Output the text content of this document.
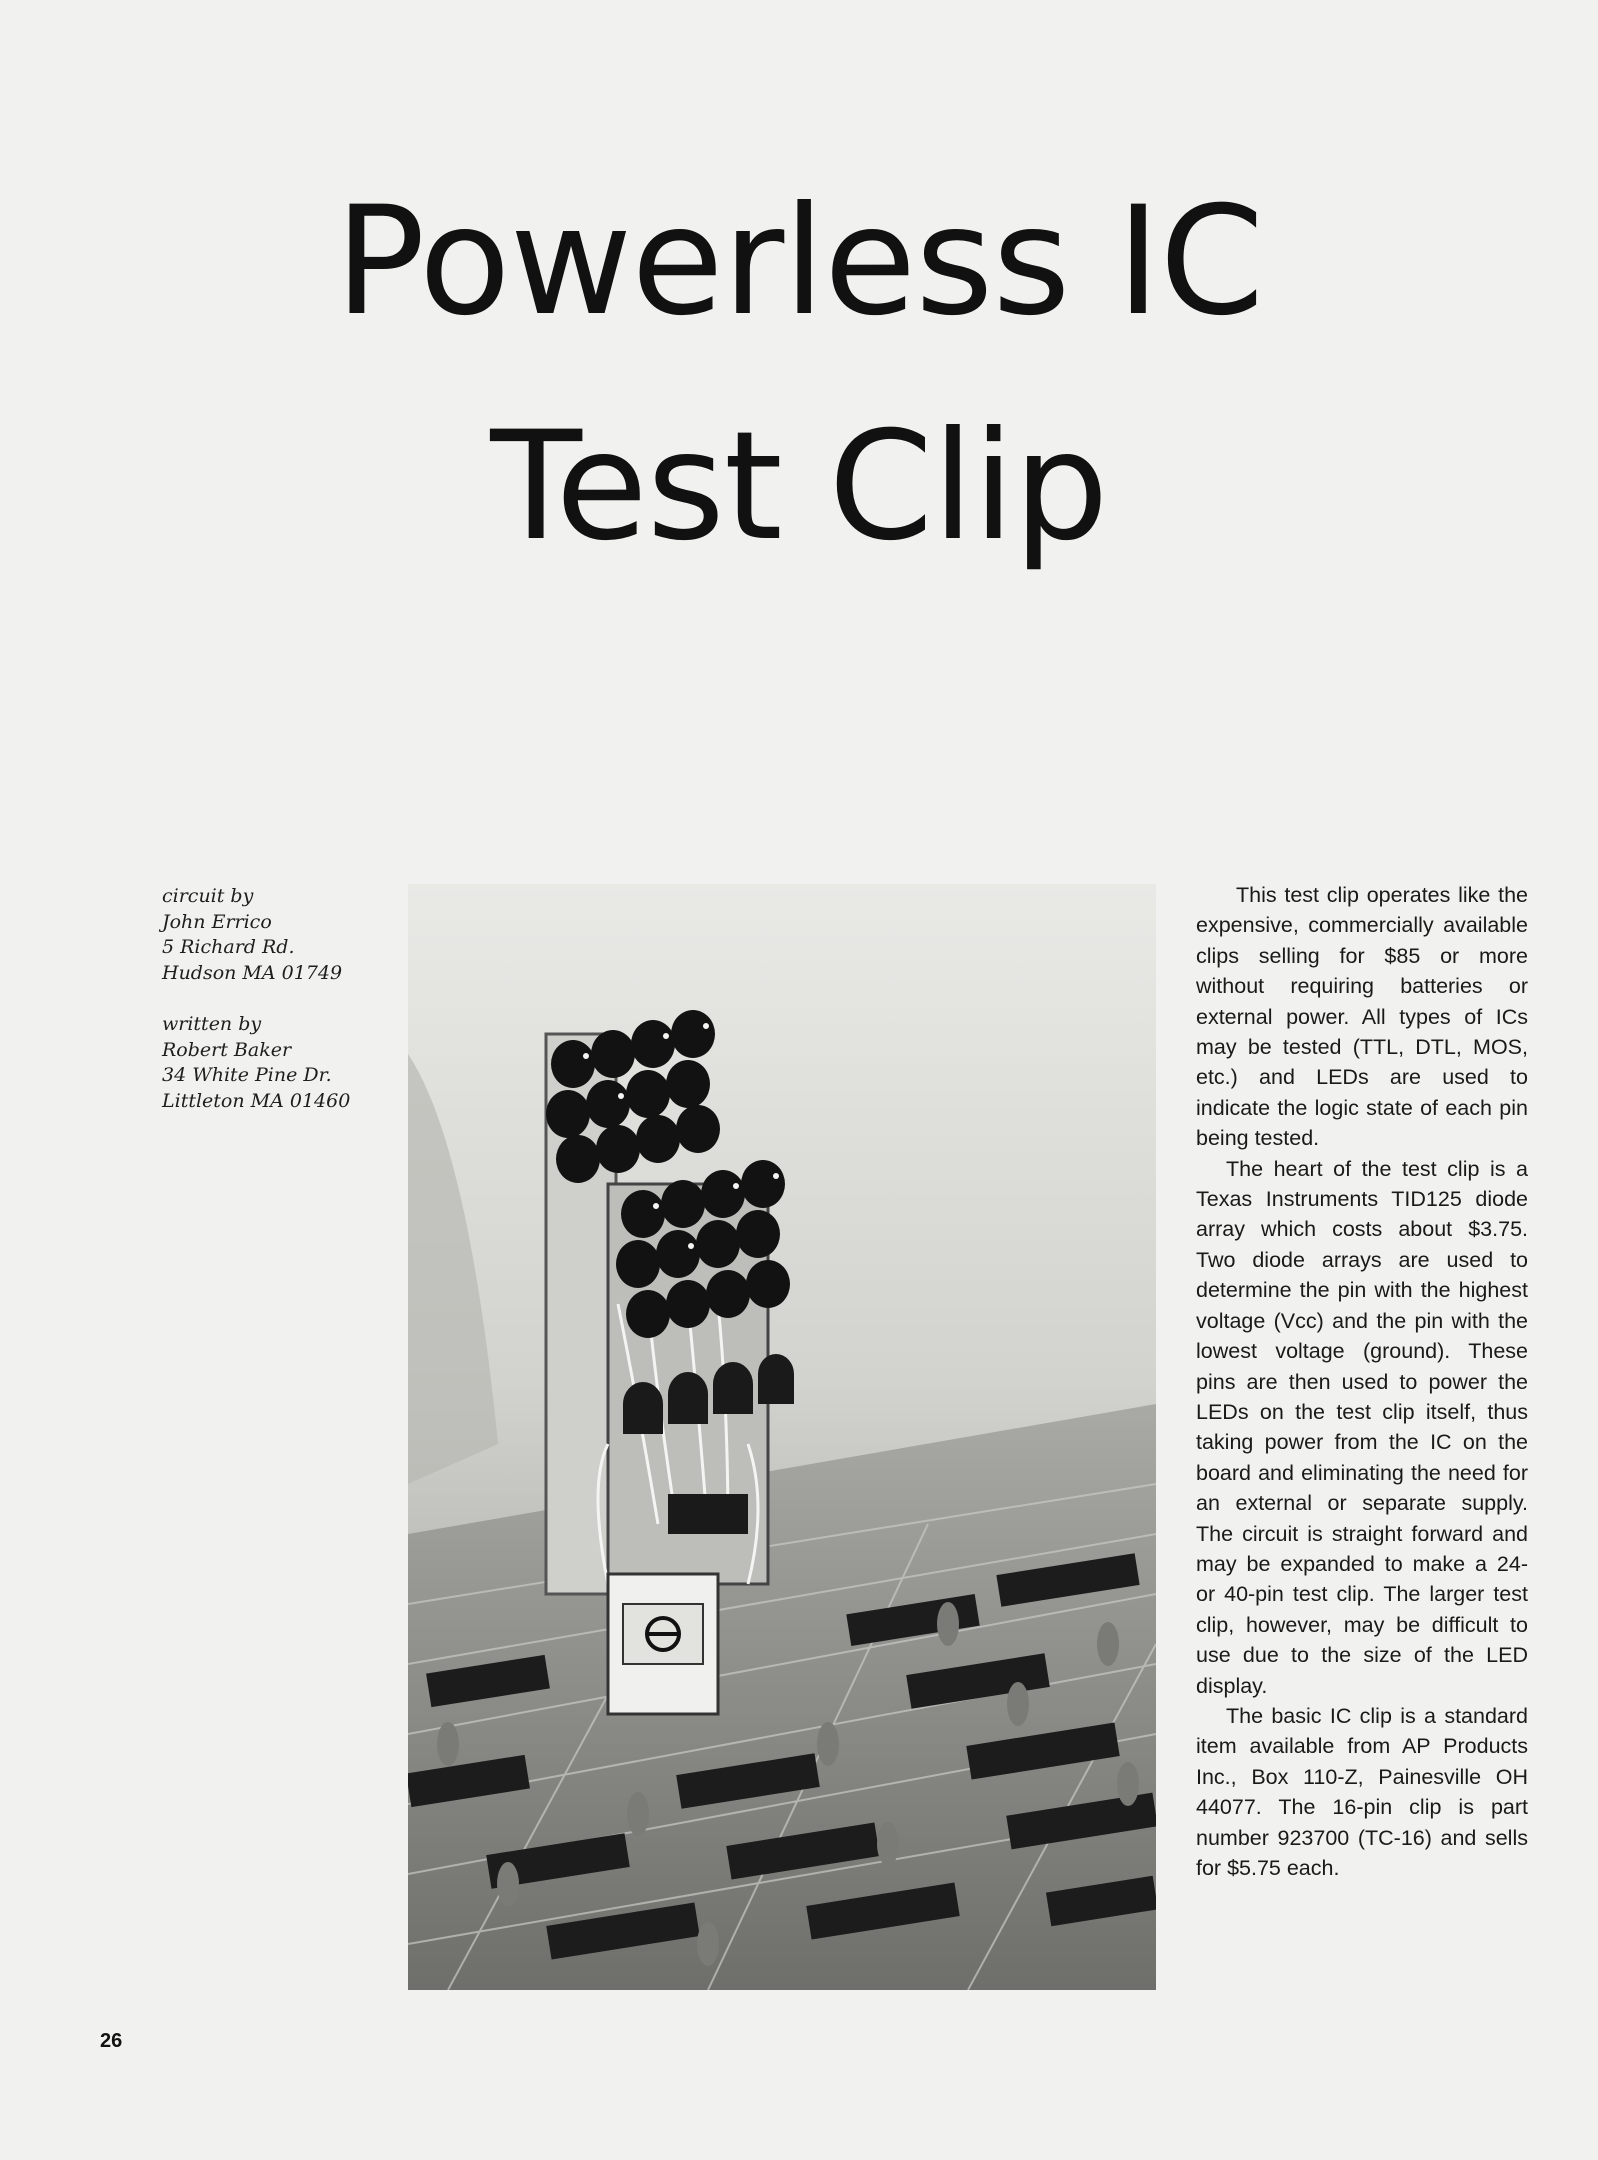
Powerless IC
Test Clip
circuit by
John Errico
5 Richard Rd.
Hudson MA 01749
written by
Robert Baker
34 White Pine Dr.
Littleton MA 01460

This test clip operates like the expensive, commercially available clips selling for $85 or more without requiring batteries or external power. All types of ICs may be tested (TTL, DTL, MOS, etc.) and LEDs are used to indicate the logic state of each pin being tested.

The heart of the test clip is a Texas Instruments TID125 diode array which costs about $3.75. Two diode arrays are used to determine the pin with the highest voltage (Vcc) and the pin with the lowest voltage (ground). These pins are then used to power the LEDs on the test clip itself, thus taking power from the IC on the board and eliminating the need for an external or separate supply. The circuit is straight forward and may be expanded to make a 24- or 40-pin test clip. The larger test clip, however, may be difficult to use due to the size of the LED display.

The basic IC clip is a standard item available from AP Products Inc., Box 110-Z, Painesville OH 44077. The 16-pin clip is part number 923700 (TC-16) and sells for $5.75 each.

26
